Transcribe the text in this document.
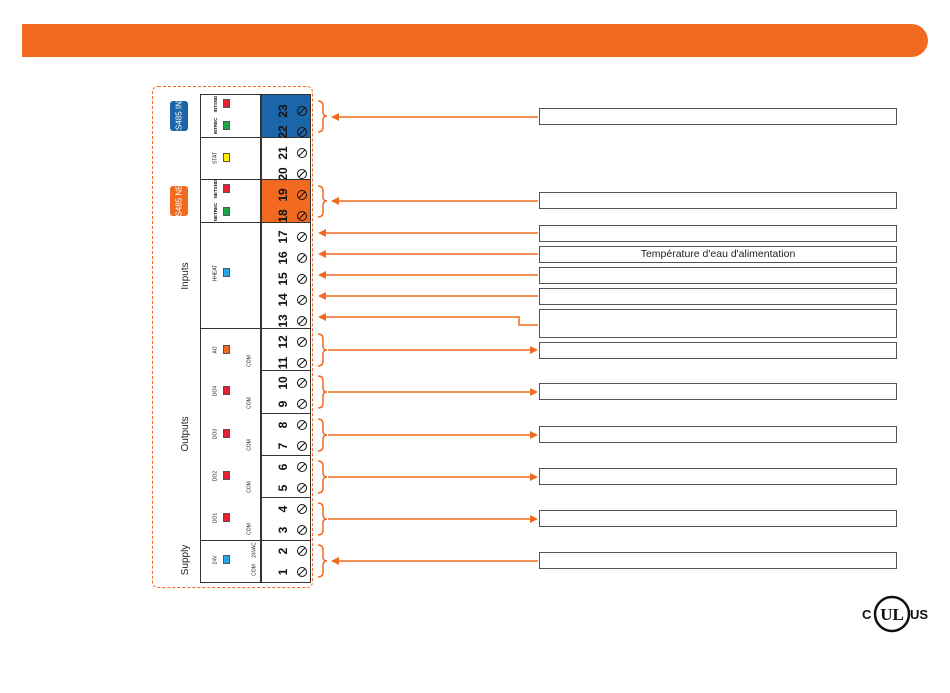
RS485 INT
RS485 NET
Inputs
Outputs
Supply
INTSND
INTREC
STAT
NETSND
NETREC
HHEAT
AO
COM
DO4
COM
DO3
COM
DO2
COM
DO1
COM
24V
COM
24VAC
1
2
3
4
5
6
7
8
9
10
11
12
13
14
15
16
17
18
19
20
21
22
23
Température d'eau d'alimentation
C UL US
